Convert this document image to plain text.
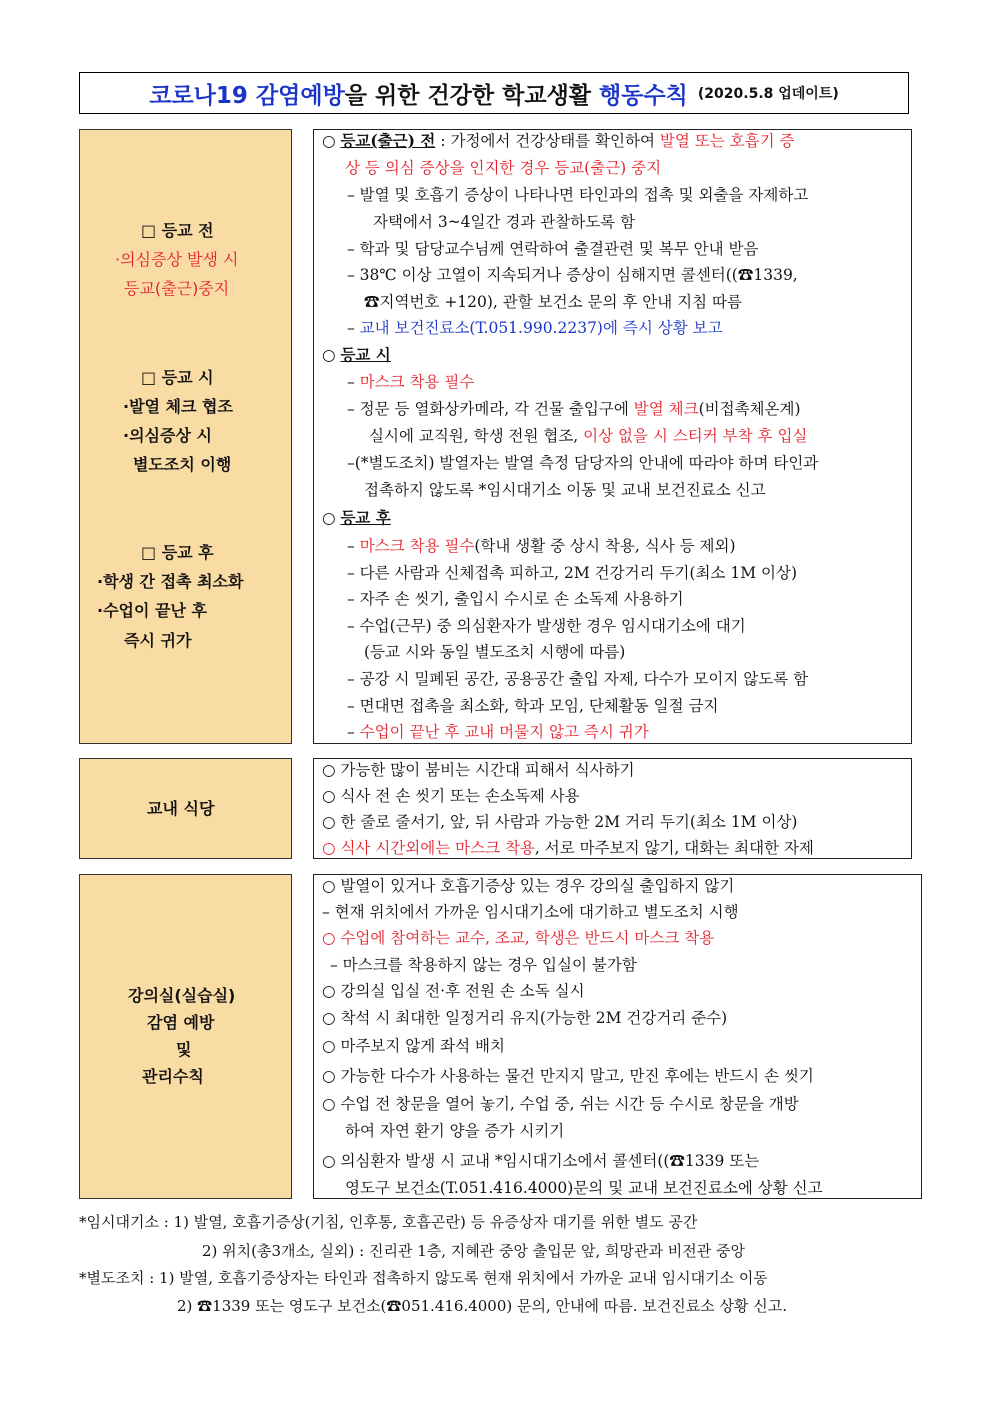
코로나19 감염예방을 위한 건강한 학교생활 행동수칙 (2020.5.8 업데이트)
□ 등교 전
·의심증상 발생 시
등교(출근)중지
□ 등교 시
·발열 체크 협조
·의심증상 시
별도조치 이행
□ 등교 후
·학생 간 접촉 최소화
·수업이 끝난 후
즉시 귀가
○ 등교(출근) 전 : 가정에서 건강상태를 확인하여 발열 또는 호흡기 증
상 등 의심 증상을 인지한 경우 등교(출근) 중지
– 발열 및 호흡기 증상이 나타나면 타인과의 접촉 및 외출을 자제하고
자택에서 3~4일간 경과 관찰하도록 함
– 학과 및 담당교수님께 연락하여 출결관련 및 복무 안내 받음
– 38℃ 이상 고열이 지속되거나 증상이 심해지면 콜센터((☎1339,
☎지역번호 +120), 관할 보건소 문의 후 안내 지침 따름
– 교내 보건진료소(T.051.990.2237)에 즉시 상황 보고
○ 등교 시
– 마스크 착용 필수
– 정문 등 열화상카메라, 각 건물 출입구에 발열 체크(비접촉체온계)
실시에 교직원, 학생 전원 협조, 이상 없을 시 스티커 부착 후 입실
–(*별도조치) 발열자는 발열 측정 담당자의 안내에 따라야 하며 타인과
접촉하지 않도록 *임시대기소 이동 및 교내 보건진료소 신고
○ 등교 후
– 마스크 착용 필수(학내 생활 중 상시 착용, 식사 등 제외)
– 다른 사람과 신체접촉 피하고, 2M 건강거리 두기(최소 1M 이상)
– 자주 손 씻기, 출입시 수시로 손 소독제 사용하기
– 수업(근무) 중 의심환자가 발생한 경우 임시대기소에 대기
(등교 시와 동일 별도조치 시행에 따름)
– 공강 시 밀폐된 공간, 공용공간 출입 자제, 다수가 모이지 않도록 함
– 면대면 접촉을 최소화, 학과 모임, 단체활동 일절 금지
– 수업이 끝난 후 교내 머물지 않고 즉시 귀가
교내 식당
○ 가능한 많이 붐비는 시간대 피해서 식사하기
○ 식사 전 손 씻기 또는 손소독제 사용
○ 한 줄로 줄서기, 앞, 뒤 사람과 가능한 2M 거리 두기(최소 1M 이상)
○ 식사 시간외에는 마스크 착용, 서로 마주보지 않기, 대화는 최대한 자제
강의실(실습실)
감염 예방
및
관리수칙
○ 발열이 있거나 호흡기증상 있는 경우 강의실 출입하지 않기
– 현재 위치에서 가까운 임시대기소에 대기하고 별도조치 시행
○ 수업에 참여하는 교수, 조교, 학생은 반드시 마스크 착용
– 마스크를 착용하지 않는 경우 입실이 불가함
○ 강의실 입실 전·후 전원 손 소독 실시
○ 착석 시 최대한 일정거리 유지(가능한 2M 건강거리 준수)
○ 마주보지 않게 좌석 배치
○ 가능한 다수가 사용하는 물건 만지지 말고, 만진 후에는 반드시 손 씻기
○ 수업 전 창문을 열어 놓기, 수업 중, 쉬는 시간 등 수시로 창문을 개방
하여 자연 환기 양을 증가 시키기
○ 의심환자 발생 시 교내 *임시대기소에서 콜센터((☎1339 또는
영도구 보건소(T.051.416.4000)문의 및 교내 보건진료소에 상황 신고
*임시대기소 : 1) 발열, 호흡기증상(기침, 인후통, 호흡곤란) 등 유증상자 대기를 위한 별도 공간
2) 위치(총3개소, 실외) : 진리관 1층, 지혜관 중앙 출입문 앞, 희망관과 비전관 중앙
*별도조치 : 1) 발열, 호흡기증상자는 타인과 접촉하지 않도록 현재 위치에서 가까운 교내 임시대기소 이동
2) ☎1339 또는 영도구 보건소(☎051.416.4000) 문의, 안내에 따름. 보건진료소 상황 신고.
